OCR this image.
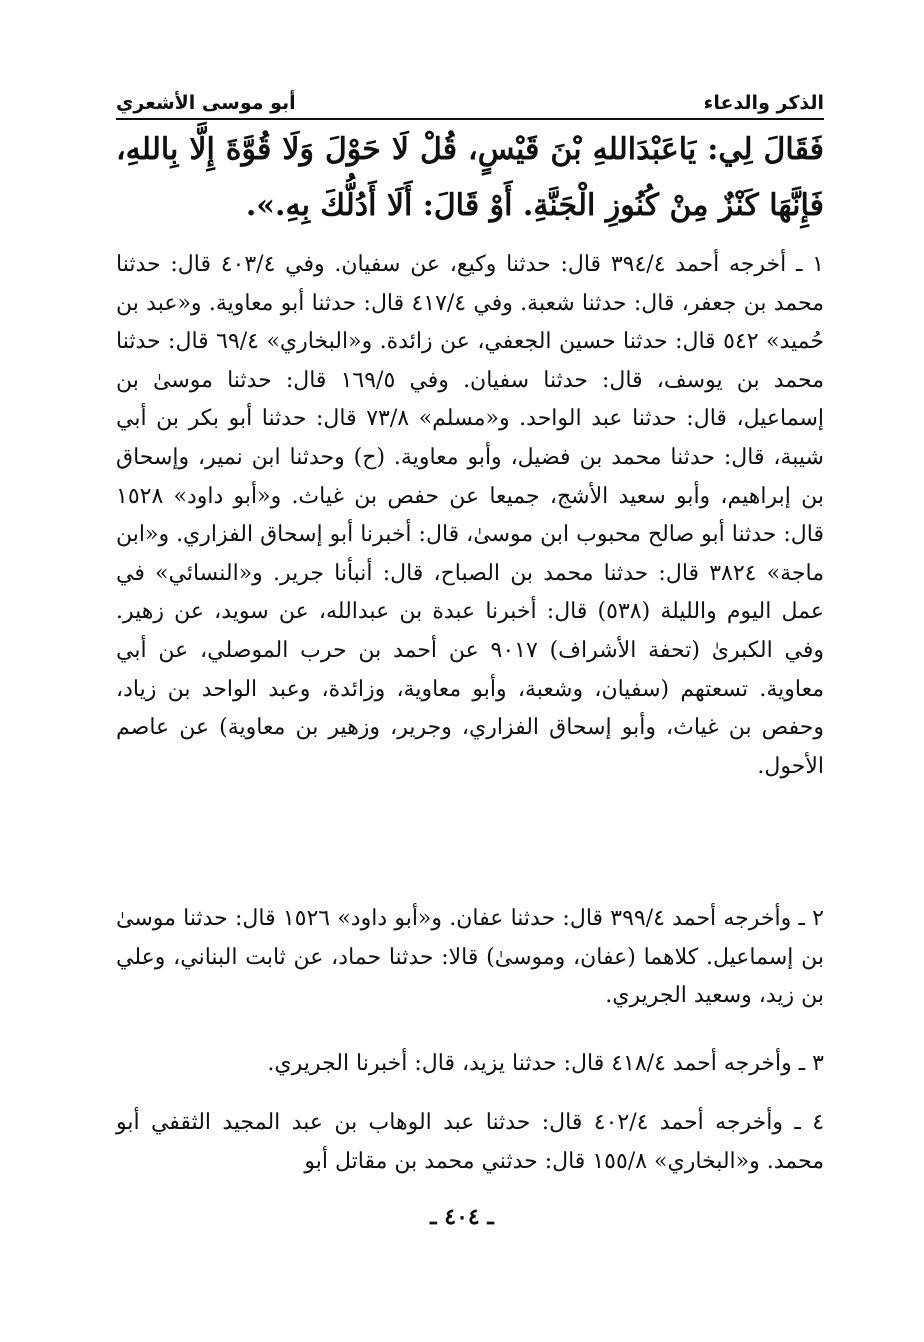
الذكر والدعاء
أبو موسى الأشعري
فَقَالَ لِي: يَاعَبْدَاللهِ بْنَ قَيْسٍ، قُلْ لَا حَوْلَ وَلَا قُوَّةَ إِلَّا بِاللهِ، فَإِنَّهَا كَنْزٌ مِنْ كُنُوزِ الْجَنَّةِ. أَوْ قَالَ: أَلَا أَدُلُّكَ بِهِ.».
١ ـ أخرجه أحمد ٣٩٤/٤ قال: حدثنا وكيع، عن سفيان. وفي ٤٠٣/٤ قال: حدثنا محمد بن جعفر، قال: حدثنا شعبة. وفي ٤١٧/٤ قال: حدثنا أبو معاوية. و«عبد بن حُميد» ٥٤٢ قال: حدثنا حسين الجعفي، عن زائدة. و«البخاري» ٦٩/٤ قال: حدثنا محمد بن يوسف، قال: حدثنا سفيان. وفي ١٦٩/٥ قال: حدثنا موسىٰ بن إسماعيل، قال: حدثنا عبد الواحد. و«مسلم» ٧٣/٨ قال: حدثنا أبو بكر بن أبي شيبة، قال: حدثنا محمد بن فضيل، وأبو معاوية. (ح) وحدثنا ابن نمير، وإسحاق بن إبراهيم، وأبو سعيد الأشج، جميعا عن حفص بن غياث. و«أبو داود» ١٥٢٨ قال: حدثنا أبو صالح محبوب ابن موسىٰ، قال: أخبرنا أبو إسحاق الفزاري. و«ابن ماجة» ٣٨٢٤ قال: حدثنا محمد بن الصباح، قال: أنبأنا جرير. و«النسائي» في عمل اليوم والليلة (٥٣٨) قال: أخبرنا عبدة بن عبدالله، عن سويد، عن زهير. وفي الكبرىٰ (تحفة الأشراف) ٩٠١٧ عن أحمد بن حرب الموصلي، عن أبي معاوية. تسعتهم (سفيان، وشعبة، وأبو معاوية، وزائدة، وعبد الواحد بن زياد، وحفص بن غياث، وأبو إسحاق الفزاري، وجرير، وزهير بن معاوية) عن عاصم الأحول.
٢ ـ وأخرجه أحمد ٣٩٩/٤ قال: حدثنا عفان. و«أبو داود» ١٥٢٦ قال: حدثنا موسىٰ بن إسماعيل. كلاهما (عفان، وموسىٰ) قالا: حدثنا حماد، عن ثابت البناني، وعلي بن زيد، وسعيد الجريري.
٣ ـ وأخرجه أحمد ٤١٨/٤ قال: حدثنا يزيد، قال: أخبرنا الجريري.
٤ ـ وأخرجه أحمد ٤٠٢/٤ قال: حدثنا عبد الوهاب بن عبد المجيد الثقفي أبو محمد. و«البخاري» ١٥٥/٨ قال: حدثني محمد بن مقاتل أبو
ـ ٤٠٤ ـ
